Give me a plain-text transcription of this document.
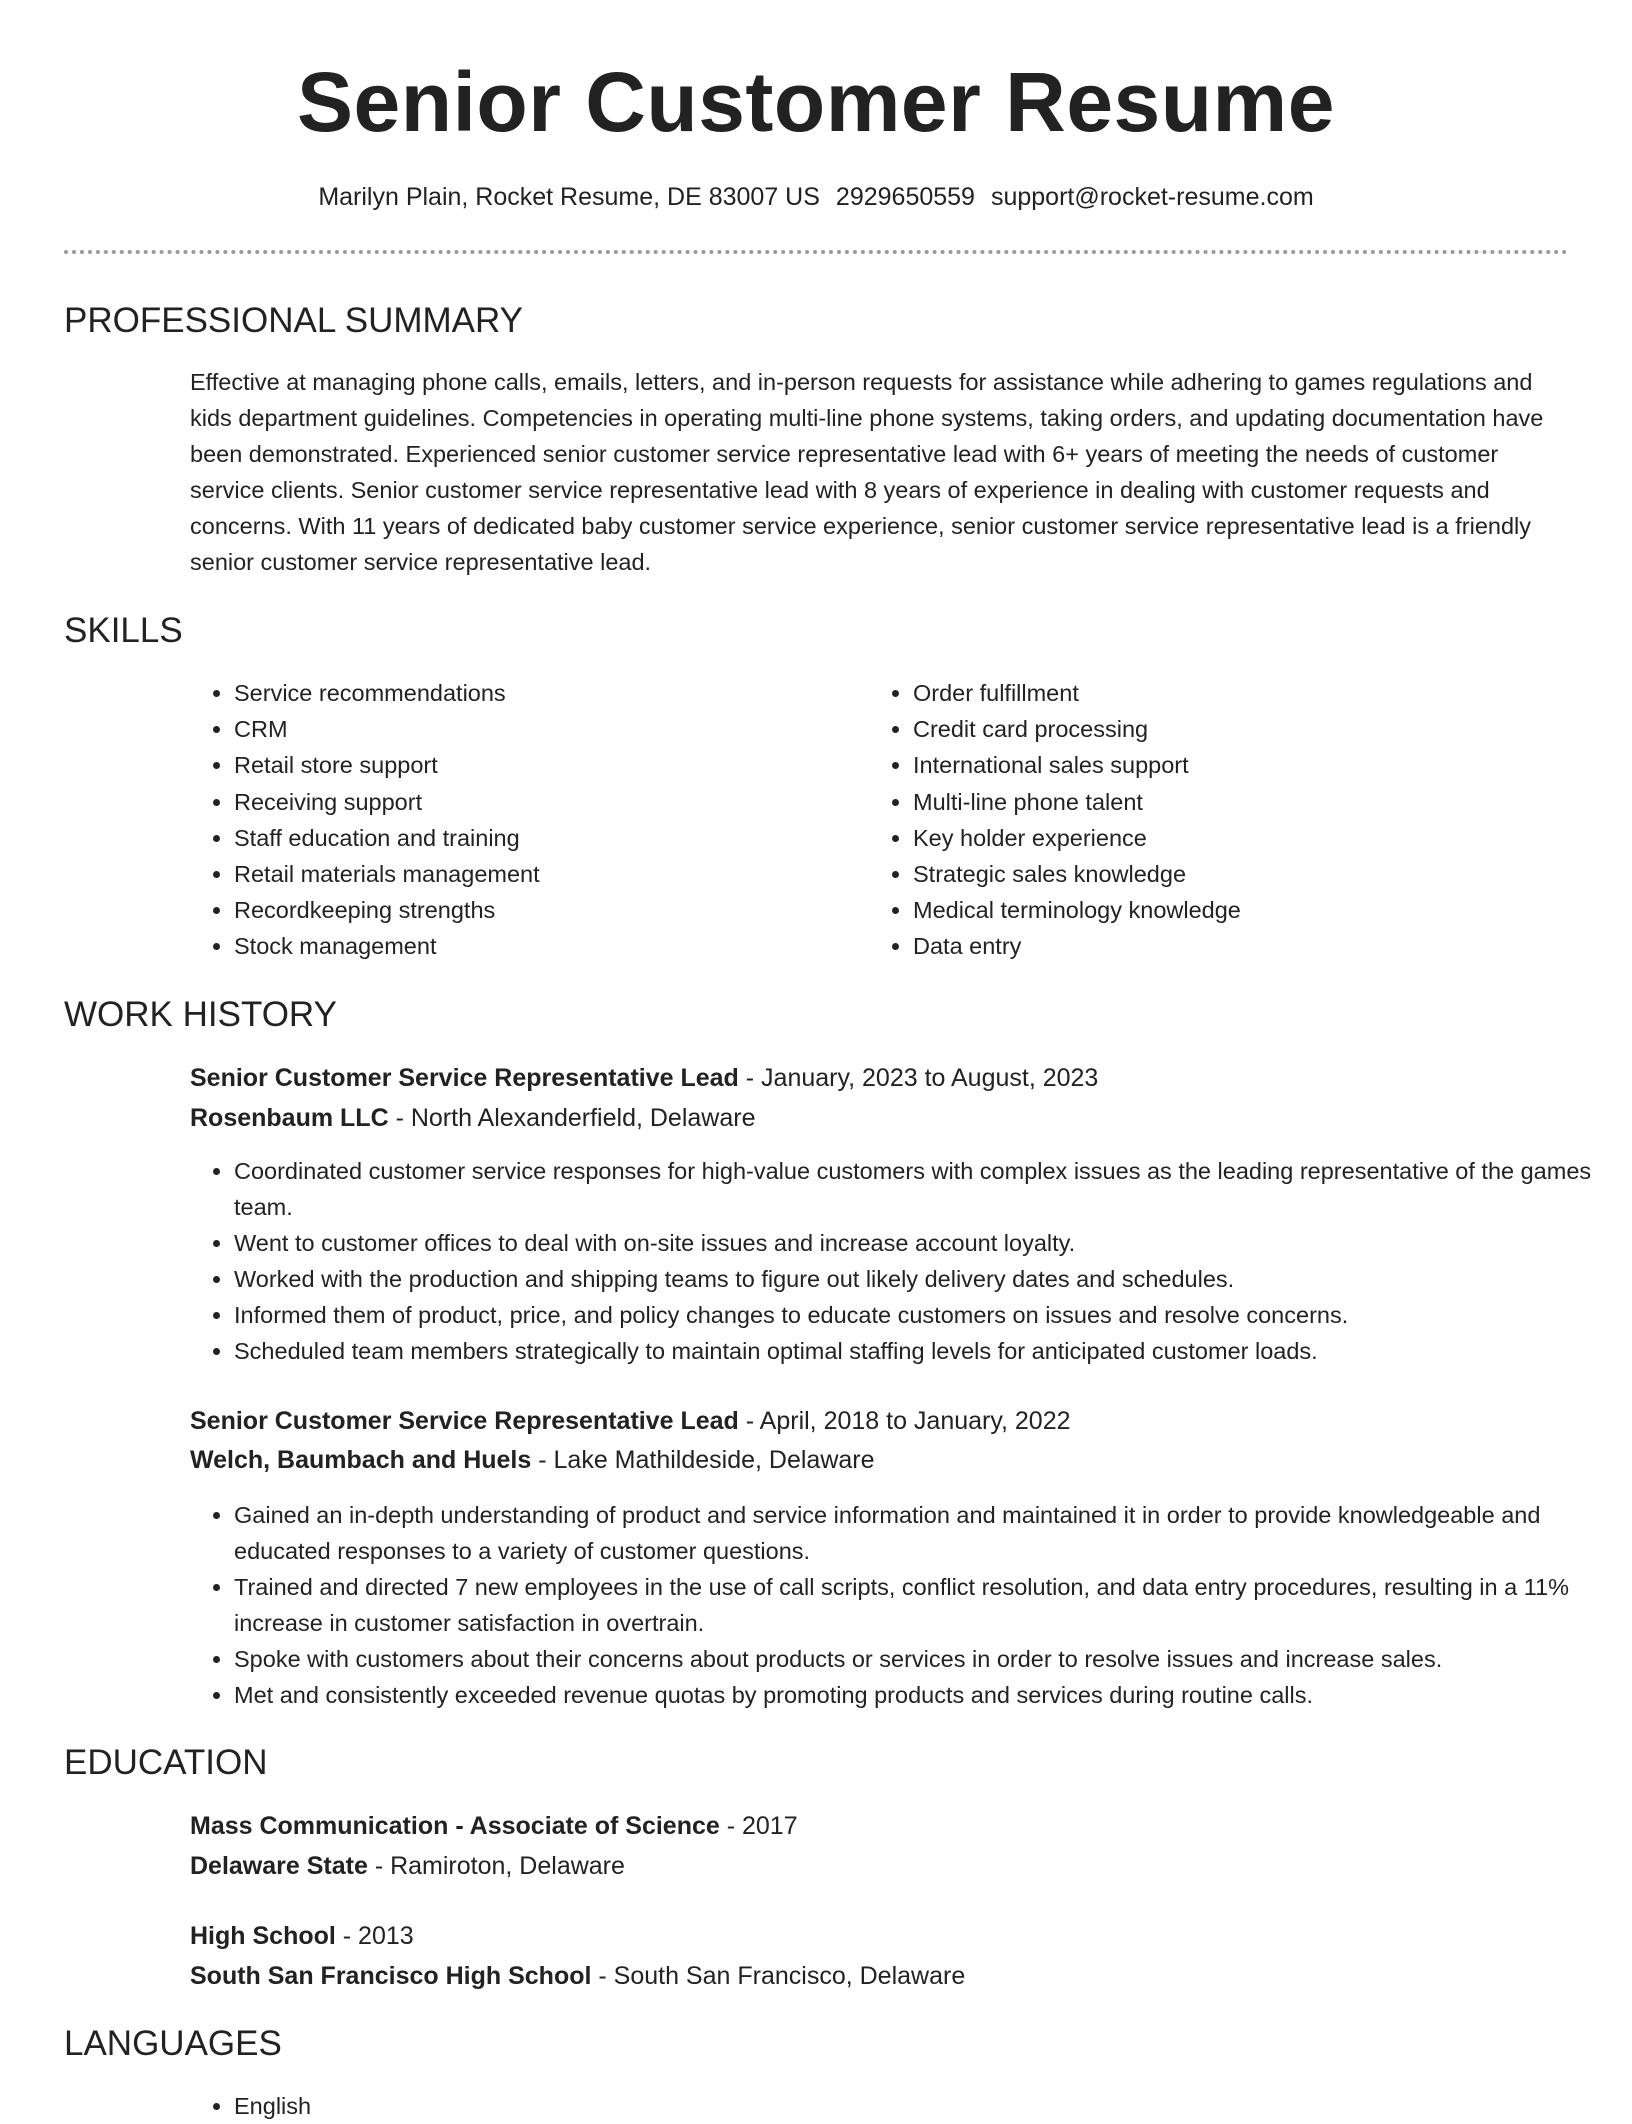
Senior Customer Resume
Marilyn Plain, Rocket Resume, DE 83007 US 2929650559 support@rocket-resume.com
PROFESSIONAL SUMMARY
Effective at managing phone calls, emails, letters, and in-person requests for assistance while adhering to games regulations and kids department guidelines. Competencies in operating multi-line phone systems, taking orders, and updating documentation have been demonstrated. Experienced senior customer service representative lead with 6+ years of meeting the needs of customer service clients. Senior customer service representative lead with 8 years of experience in dealing with customer requests and concerns. With 11 years of dedicated baby customer service experience, senior customer service representative lead is a friendly senior customer service representative lead.
SKILLS
• Service recommendations
• CRM
• Retail store support
• Receiving support
• Staff education and training
• Retail materials management
• Recordkeeping strengths
• Stock management
• Order fulfillment
• Credit card processing
• International sales support
• Multi-line phone talent
• Key holder experience
• Strategic sales knowledge
• Medical terminology knowledge
• Data entry
WORK HISTORY
Senior Customer Service Representative Lead - January, 2023 to August, 2023
Rosenbaum LLC - North Alexanderfield, Delaware
• Coordinated customer service responses for high-value customers with complex issues as the leading representative of the games team.
• Went to customer offices to deal with on-site issues and increase account loyalty.
• Worked with the production and shipping teams to figure out likely delivery dates and schedules.
• Informed them of product, price, and policy changes to educate customers on issues and resolve concerns.
• Scheduled team members strategically to maintain optimal staffing levels for anticipated customer loads.
Senior Customer Service Representative Lead - April, 2018 to January, 2022
Welch, Baumbach and Huels - Lake Mathildeside, Delaware
• Gained an in-depth understanding of product and service information and maintained it in order to provide knowledgeable and educated responses to a variety of customer questions.
• Trained and directed 7 new employees in the use of call scripts, conflict resolution, and data entry procedures, resulting in a 11% increase in customer satisfaction in overtrain.
• Spoke with customers about their concerns about products or services in order to resolve issues and increase sales.
• Met and consistently exceeded revenue quotas by promoting products and services during routine calls.
EDUCATION
Mass Communication - Associate of Science - 2017
Delaware State - Ramiroton, Delaware
High School - 2013
South San Francisco High School - South San Francisco, Delaware
LANGUAGES
• English
